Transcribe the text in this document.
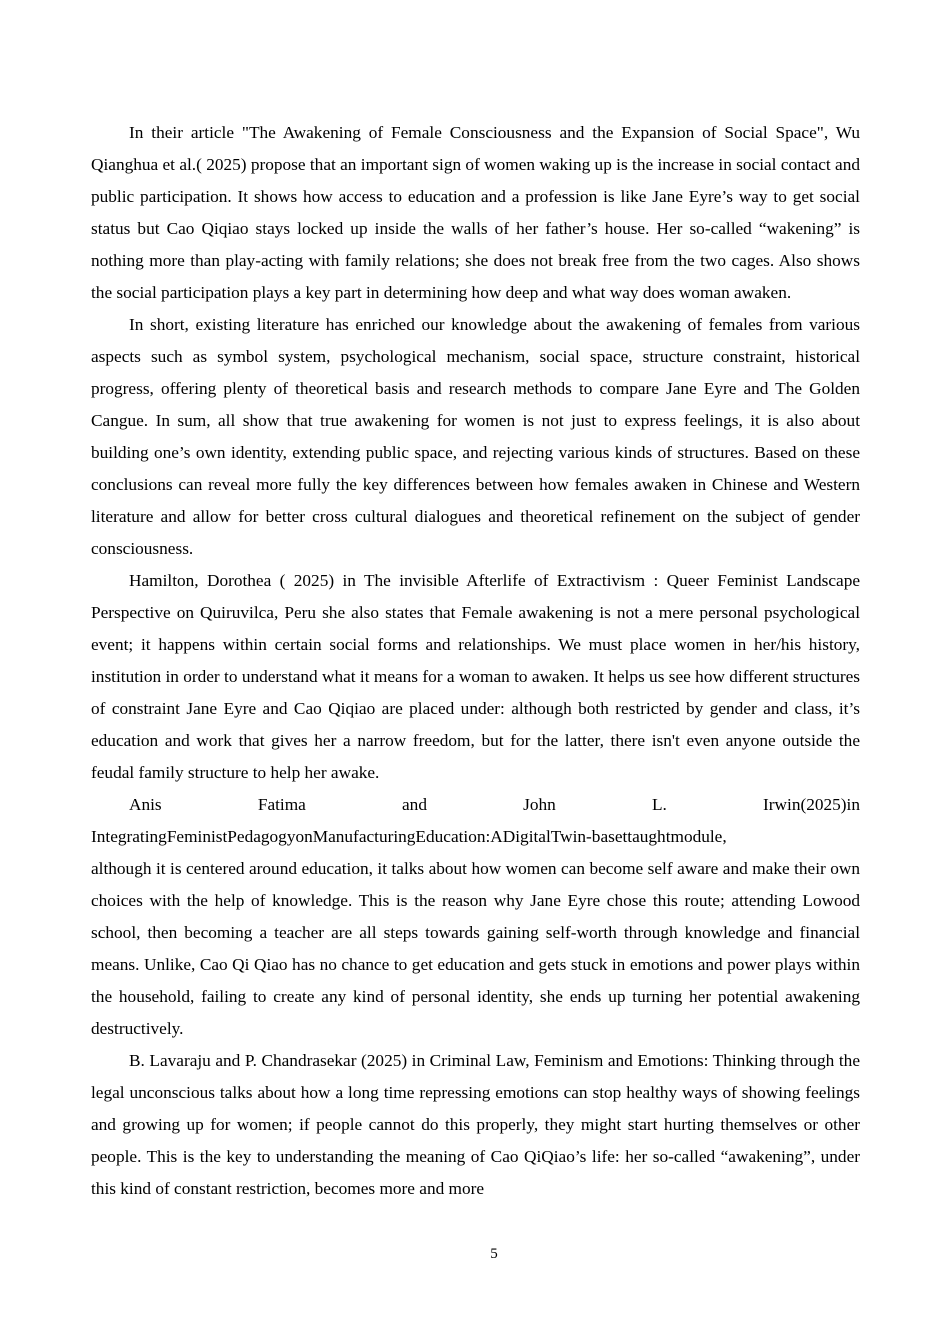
In their article "The Awakening of Female Consciousness and the Expansion of Social Space", Wu Qianghua et al.( 2025) propose that an important sign of women waking up is the increase in social contact and public participation. It shows how access to education and a profession is like Jane Eyre’s way to get social status but Cao Qiqiao stays locked up inside the walls of her father’s house. Her so-called “wakening” is nothing more than play-acting with family relations; she does not break free from the two cages. Also shows the social participation plays a key part in determining how deep and what way does woman awaken.

In short, existing literature has enriched our knowledge about the awakening of females from various aspects such as symbol system, psychological mechanism, social space, structure constraint, historical progress, offering plenty of theoretical basis and research methods to compare Jane Eyre and The Golden Cangue. In sum, all show that true awakening for women is not just to express feelings, it is also about building one’s own identity, extending public space, and rejecting various kinds of structures. Based on these conclusions can reveal more fully the key differences between how females awaken in Chinese and Western literature and allow for better cross cultural dialogues and theoretical refinement on the subject of gender consciousness.

Hamilton, Dorothea ( 2025) in The invisible Afterlife of Extractivism : Queer Feminist Landscape Perspective on Quiruvilca, Peru she also states that Female awakening is not a mere personal psychological event; it happens within certain social forms and relationships. We must place women in her/his history, institution in order to understand what it means for a woman to awaken. It helps us see how different structures of constraint Jane Eyre and Cao Qiqiao are placed under: although both restricted by gender and class, it’s education and work that gives her a narrow freedom, but for the latter, there isn't even anyone outside the feudal family structure to help her awake.

Anis Fatima and John L. Irwin(2025)in
IntegratingFeministPedagogyonManufacturingEducation:ADigitalTwin-basettaughtmodule,
although it is centered around education, it talks about how women can become self aware and make their own choices with the help of knowledge. This is the reason why Jane Eyre chose this route; attending Lowood school, then becoming a teacher are all steps towards gaining self-worth through knowledge and financial means. Unlike, Cao Qi Qiao has no chance to get education and gets stuck in emotions and power plays within the household, failing to create any kind of personal identity, she ends up turning her potential awakening destructively.

B. Lavaraju and P. Chandrasekar (2025) in Criminal Law, Feminism and Emotions: Thinking through the legal unconscious talks about how a long time repressing emotions can stop healthy ways of showing feelings and growing up for women; if people cannot do this properly, they might start hurting themselves or other people. This is the key to understanding the meaning of Cao QiQiao’s life: her so-called “awakening”, under this kind of constant restriction, becomes more and more

5
